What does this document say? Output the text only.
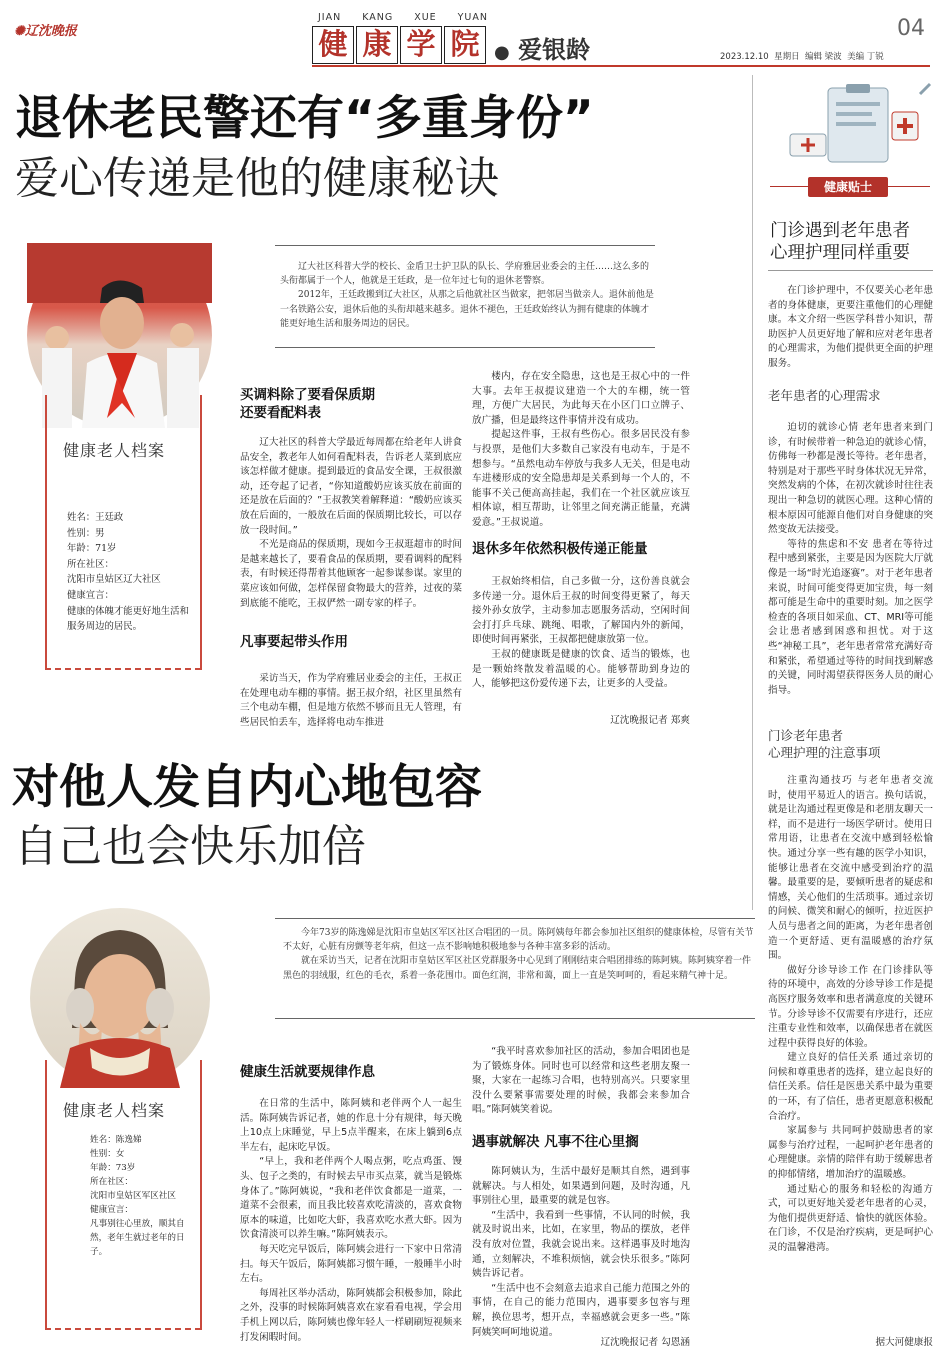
✺辽沈晚报
JIAN KANG XUE YUAN
健 康 学 院 ● 爱银龄
04
2023.12.10  星期日  编辑 梁波  美编 丁锐
退休老民警还有“多重身份”
爱心传递是他的健康秘诀

辽大社区科普大学的校长、金盾卫士护卫队的队长、学府雅居业委会的主任……这么多的头衔都属于一个人，他就是王廷政，是一位年过七旬的退休老警察。

2012年，王廷政搬到辽大社区，从那之后他就社区当做家，把邻居当做亲人。退休前他是一名铁路公安，退休后他的头衔却越来越多。退休不褪色，王廷政始终认为拥有健康的体魄才能更好地生活和服务周边的居民。

健康老人档案
姓名：王廷政
性别：男
年龄：71岁
所在社区：
沈阳市皇姑区辽大社区
健康宣言：
健康的体魄才能更好地生活和服务周边的居民。
买调料除了要看保质期
还要看配料表

辽大社区的科普大学最近每周都在给老年人讲食品安全，教老年人如何看配料表，告诉老人菜到底应该怎样做才健康。提到最近的食品安全课，王叔很激动，还夸起了记者，“你知道酸奶应该买放在前面的还是放在后面的？”王叔教笑着解释道：“酸奶应该买放在后面的，一般放在后面的保质期比较长，可以存放一段时间。”

不光是商品的保质期，现如今王叔逛超市的时间是越来越长了，要看食品的保质期，要看调料的配料表，有时候还得帮着其他顾客一起参谋参谋。家里的菜应该如何做，怎样保留食物最大的营养，过夜的菜到底能不能吃，王叔俨然一副专家的样子。

凡事要起带头作用

采访当天，作为学府雅居业委会的主任，王叔正在处理电动车棚的事情。据王叔介绍，社区里虽然有三个电动车棚，但是地方依然不够而且无人管理，有些居民怕丢车，选择将电动车推进

楼内，存在安全隐患，这也是王叔心中的一件大事。去年王叔提议建造一个大的车棚，统一管理，方便广大居民，为此每天在小区门口立牌子、放广播，但是最终这件事情并没有成功。

提起这件事，王叔有些伤心。很多居民没有参与投票，是他们大多数自己家没有电动车，于是不想参与。“虽然电动车停放与我多人无关，但是电动车进楼形成的安全隐患却是关系到每一个人的，不能事不关己便高高挂起，我们在一个社区就应该互相体谅，相互帮助，让邻里之间充满正能量，充满爱意。”王叔说道。

退休多年依然积极传递正能量

王叔始终相信，自己多做一分，这份善良就会多传递一分。退休后王叔的时间变得更紧了，每天接外孙女放学，主动参加志愿服务活动，空闲时间会打打乒乓球、跳绳、唱歌，了解国内外的新闻，即使时间再紧张，王叔都把健康放第一位。

王叔的健康既是健康的饮食、适当的锻炼，也是一颗始终散发着温暖的心。能够帮助到身边的人，能够把这份爱传递下去，让更多的人受益。

辽沈晚报记者 郑爽
对他人发自内心地包容
自己也会快乐加倍

今年73岁的陈逸娣是沈阳市皇姑区军区社区合唱团的一员。陈阿姨每年都会参加社区组织的健康体检，尽管有关节不太好，心脏有房颤等老年病，但这一点不影响她积极地参与各种丰富多彩的活动。

就在采访当天，记者在沈阳市皇姑区军区社区党群服务中心见到了刚刚结束合唱团排练的陈阿姨。陈阿姨穿着一件黑色的羽绒服，红色的毛衣，系着一条花围巾。面色红润，非常和蔼，面上一直是笑呵呵的，看起来精气神十足。

健康老人档案
姓名：陈逸娣
性别：女
年龄：73岁
所在社区：
沈阳市皇姑区军区社区
健康宣言：
凡事别往心里放，顺其自然，老年生就过老年的日子。
健康生活就要规律作息

在日常的生活中，陈阿姨和老伴两个人一起生活。陈阿姨告诉记者，她的作息十分有规律，每天晚上10点上床睡觉，早上5点半醒来，在床上躺到6点半左右，起床吃早饭。

“早上，我和老伴两个人喝点粥，吃点鸡蛋、馒头、包子之类的，有时候去早市买点菜，就当是锻炼身体了。”陈阿姨说，“我和老伴饮食都是一道菜，一道菜不会很素，而且我比较喜欢吃清淡的，喜欢食物原本的味道，比如吃大虾，我喜欢吃水煮大虾。因为饮食清淡可以养生嘛。”陈阿姨表示。

每天吃完早饭后，陈阿姨会进行一下家中日常清扫。每天午饭后，陈阿姨都习惯午睡，一般睡半小时左右。

每周社区举办活动，陈阿姨都会积极参加，除此之外，没事的时候陈阿姨喜欢在家看看电视，学会用手机上网以后，陈阿姨也像年轻人一样刷刷短视频来打发闲暇时间。

“我平时喜欢参加社区的活动，参加合唱团也是为了锻炼身体。同时也可以经常和这些老朋友聚一聚，大家在一起练习合唱，也特别高兴。只要家里没什么要紧事需要处理的时候，我都会来参加合唱。”陈阿姨笑着说。

遇事就解决 凡事不往心里搁

陈阿姨认为，生活中最好是顺其自然，遇到事就解决。与人相处，如果遇到问题，及时沟通，凡事别往心里，最重要的就是包容。

“生活中，我看到一些事情，不认同的时候，我就及时说出来，比如，在家里，物品的摆放，老伴没有放对位置，我就会说出来。这样遇事及时地沟通，立刻解决，不堆积烦恼，就会快乐很多。”陈阿姨告诉记者。

“生活中也不会刻意去追求自己能力范围之外的事情，在自己的能力范围内，遇事要多包容与理解，换位思考，想开点，幸福感就会更多一些。”陈阿姨笑呵呵地说道。

辽沈晚报记者 勾恩涵
健康贴士
门诊遇到老年患者
心理护理同样重要

在门诊护理中，不仅要关心老年患者的身体健康，更要注重他们的心理健康。本文介绍一些医学科普小知识，帮助医护人员更好地了解和应对老年患者的心理需求，为他们提供更全面的护理服务。

老年患者的心理需求

迫切的就诊心情 老年患者来到门诊，有时候带着一种急迫的就诊心情，仿佛每一秒都是漫长等待。老年患者，特别是对于那些平时身体状况无异常，突然发病的个体，在初次就诊时往往表现出一种急切的就医心理。这种心情的根本原因可能源自他们对自身健康的突然变故无法接受。

等待的焦虑和不安 患者在等待过程中感到紧张，主要是因为医院大厅就像是一场“时光追逐赛”。对于老年患者来说，时间可能变得更加宝贵，每一刻都可能是生命中的重要时刻。加之医学检查的各项目如采血、CT、MRI等可能会让患者感到困惑和担忧。对于这些“神秘工具”，老年患者常常充满好奇和紧张，希望通过等待的时间找到解惑的关键，同时渴望获得医务人员的耐心指导。

门诊老年患者
心理护理的注意事项

注重沟通技巧 与老年患者交流时，使用平易近人的语言。换句话说，就是让沟通过程更像是和老朋友聊天一样，而不是进行一场医学研讨。使用日常用语，让患者在交流中感到轻松愉快。通过分享一些有趣的医学小知识，能够让患者在交流中感受到治疗的温馨。最重要的是，要倾听患者的疑虑和情感，关心他们的生活琐事。通过亲切的问候、微笑和耐心的倾听，拉近医护人员与患者之间的距离，为老年患者创造一个更舒适、更有温暖感的治疗氛围。

做好分诊导诊工作 在门诊排队等待的环境中，高效的分诊导诊工作是提高医疗服务效率和患者满意度的关键环节。分诊导诊不仅需要有序进行，还应注重专业性和效率，以确保患者在就医过程中获得良好的体验。

建立良好的信任关系 通过亲切的问候和尊重患者的选择，建立起良好的信任关系。信任是医患关系中最为重要的一环，有了信任，患者更愿意积极配合治疗。

家属参与 共同呵护鼓励患者的家属参与治疗过程，一起呵护老年患者的心理健康。亲情的陪伴有助于缓解患者的抑郁情绪，增加治疗的温暖感。

通过贴心的服务和轻松的沟通方式，可以更好地关爱老年患者的心灵，为他们提供更舒适、愉快的就医体验。在门诊，不仅是治疗疾病，更是呵护心灵的温馨港湾。

据大河健康报
